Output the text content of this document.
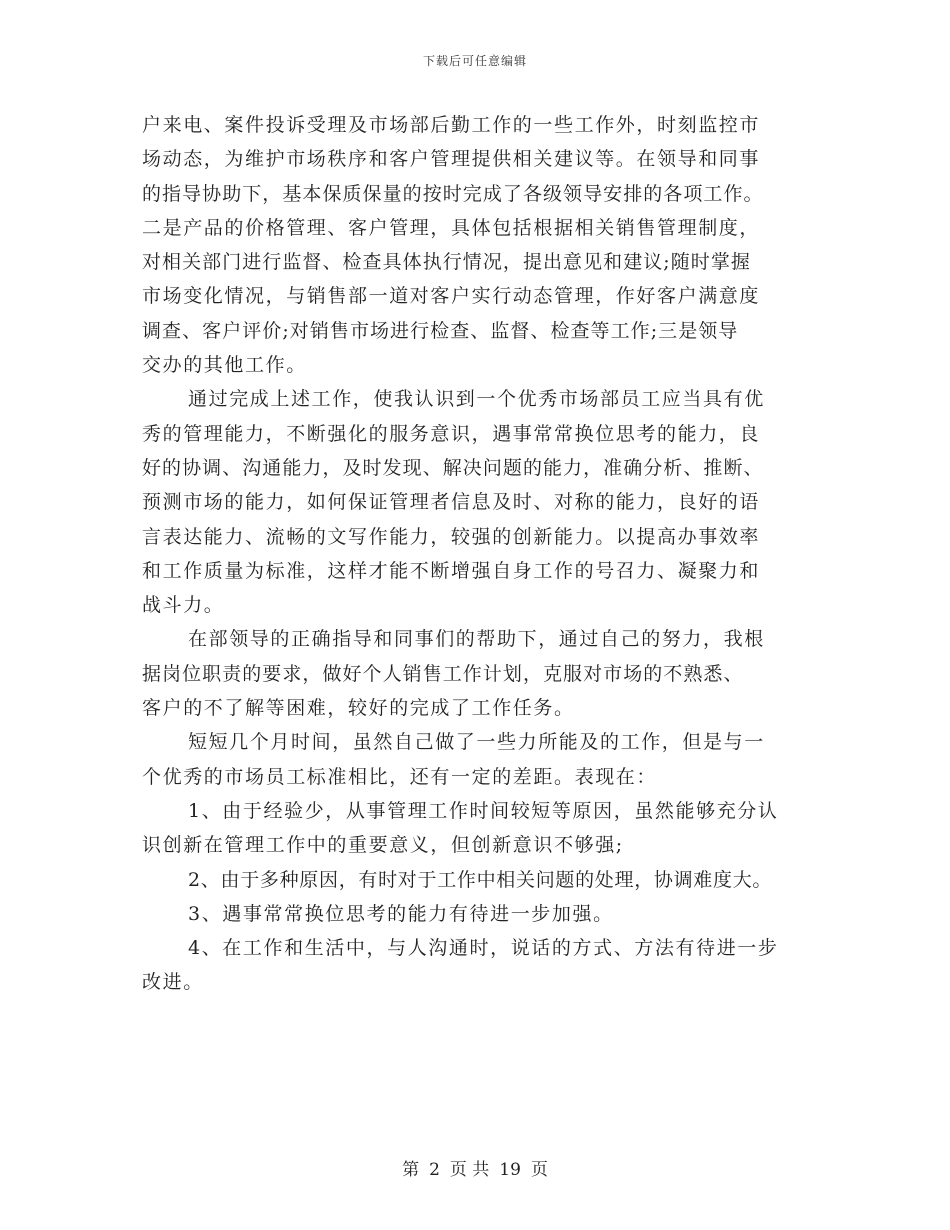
下载后可任意编辑
户来电、案件投诉受理及市场部后勤工作的一些工作外，时刻监控市
场动态，为维护市场秩序和客户管理提供相关建议等。在领导和同事
的指导协助下，基本保质保量的按时完成了各级领导安排的各项工作。
二是产品的价格管理、客户管理，具体包括根据相关销售管理制度，
对相关部门进行监督、检查具体执行情况，提出意见和建议;随时掌握
市场变化情况，与销售部一道对客户实行动态管理，作好客户满意度
调查、客户评价;对销售市场进行检查、监督、检查等工作;三是领导
交办的其他工作。
通过完成上述工作，使我认识到一个优秀市场部员工应当具有优
秀的管理能力，不断强化的服务意识，遇事常常换位思考的能力，良
好的协调、沟通能力，及时发现、解决问题的能力，准确分析、推断、
预测市场的能力，如何保证管理者信息及时、对称的能力，良好的语
言表达能力、流畅的文写作能力，较强的创新能力。以提高办事效率
和工作质量为标准，这样才能不断增强自身工作的号召力、凝聚力和
战斗力。
在部领导的正确指导和同事们的帮助下，通过自己的努力，我根
据岗位职责的要求，做好个人销售工作计划，克服对市场的不熟悉、
客户的不了解等困难，较好的完成了工作任务。
短短几个月时间，虽然自己做了一些力所能及的工作，但是与一
个优秀的市场员工标准相比，还有一定的差距。表现在：
1、由于经验少，从事管理工作时间较短等原因，虽然能够充分认
识创新在管理工作中的重要意义，但创新意识不够强;
2、由于多种原因，有时对于工作中相关问题的处理，协调难度大。
3、遇事常常换位思考的能力有待进一步加强。
4、在工作和生活中，与人沟通时，说话的方式、方法有待进一步
改进。
第 2 页 共 19 页
